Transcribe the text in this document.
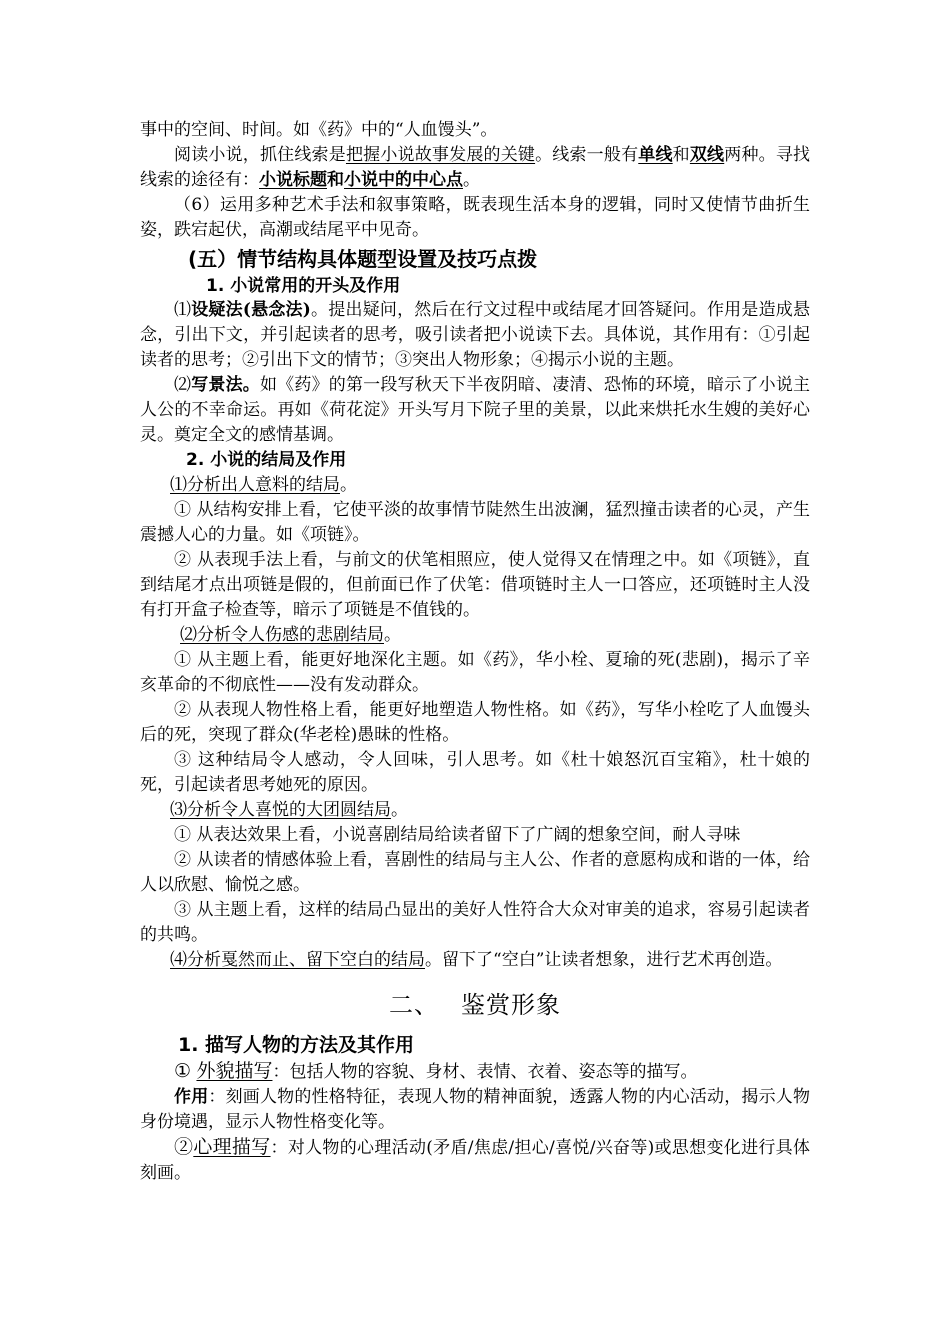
事中的空间、时间。如《药》中的“人血馒头”。

阅读小说，抓住线索是把握小说故事发展的关键。线索一般有单线和双线两种。寻找线索的途径有：小说标题和小说中的中心点。

（6）运用多种艺术手法和叙事策略，既表现生活本身的逻辑，同时又使情节曲折生姿，跌宕起伏，高潮或结尾平中见奇。

(五）情节结构具体题型设置及技巧点拨
1. 小说常用的开头及作用

⑴设疑法(悬念法)。提出疑问，然后在行文过程中或结尾才回答疑问。作用是造成悬念，引出下文，并引起读者的思考，吸引读者把小说读下去。具体说，其作用有：①引起读者的思考；②引出下文的情节；③突出人物形象；④揭示小说的主题。

⑵写景法。如《药》的第一段写秋天下半夜阴暗、凄清、恐怖的环境，暗示了小说主人公的不幸命运。再如《荷花淀》开头写月下院子里的美景，以此来烘托水生嫂的美好心灵。奠定全文的感情基调。

2. 小说的结局及作用

⑴分析出人意料的结局。

① 从结构安排上看，它使平淡的故事情节陡然生出波澜，猛烈撞击读者的心灵，产生震撼人心的力量。如《项链》。

② 从表现手法上看，与前文的伏笔相照应，使人觉得又在情理之中。如《项链》，直到结尾才点出项链是假的，但前面已作了伏笔：借项链时主人一口答应，还项链时主人没有打开盒子检查等，暗示了项链是不值钱的。

⑵分析令人伤感的悲剧结局。

① 从主题上看，能更好地深化主题。如《药》，华小栓、夏瑜的死(悲剧)，揭示了辛亥革命的不彻底性——没有发动群众。

② 从表现人物性格上看，能更好地塑造人物性格。如《药》，写华小栓吃了人血馒头后的死，突现了群众(华老栓)愚昧的性格。

③ 这种结局令人感动，令人回味，引人思考。如《杜十娘怒沉百宝箱》，杜十娘的死，引起读者思考她死的原因。

⑶分析令人喜悦的大团圆结局。

① 从表达效果上看，小说喜剧结局给读者留下了广阔的想象空间，耐人寻味

② 从读者的情感体验上看，喜剧性的结局与主人公、作者的意愿构成和谐的一体，给人以欣慰、愉悦之感。

③ 从主题上看，这样的结局凸显出的美好人性符合大众对审美的追求，容易引起读者的共鸣。

⑷分析戛然而止、留下空白的结局。留下了“空白”让读者想象，进行艺术再创造。

二、 鉴赏形象
1. 描写人物的方法及其作用

① 外貌描写：包括人物的容貌、身材、表情、衣着、姿态等的描写。

作用：刻画人物的性格特征，表现人物的精神面貌，透露人物的内心活动，揭示人物身份境遇，显示人物性格变化等。

②心理描写：对人物的心理活动(矛盾/焦虑/担心/喜悦/兴奋等)或思想变化进行具体刻画。
